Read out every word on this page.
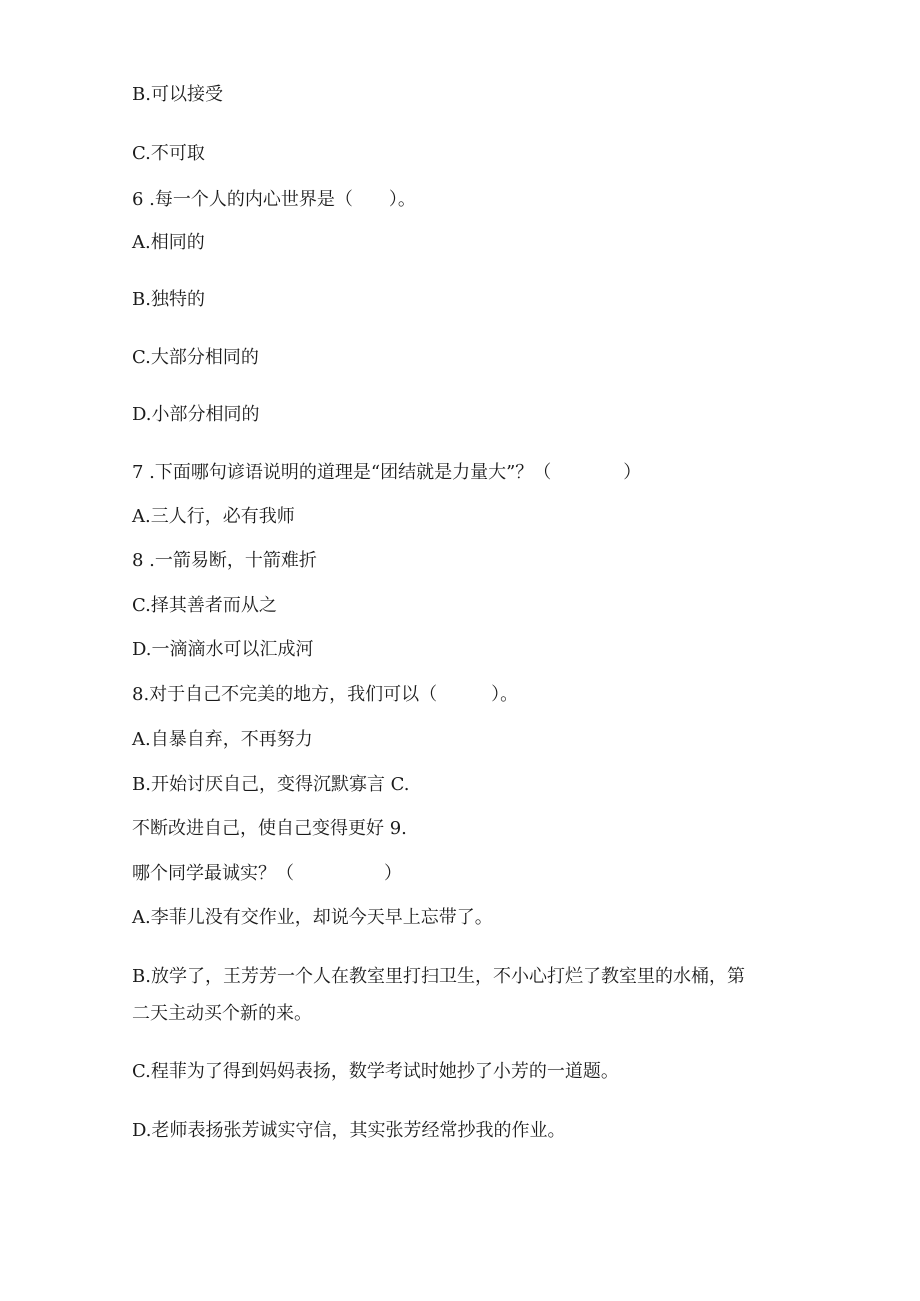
B.可以接受
C.不可取
6 .每一个人的内心世界是（　　）。
A.相同的
B.独特的
C.大部分相同的
D.小部分相同的
7 .下面哪句谚语说明的道理是“团结就是力量大”？（　　　　）
A.三人行，必有我师
8 .一箭易断，十箭难折
C.择其善者而从之
D.一滴滴水可以汇成河
8.对于自己不完美的地方，我们可以（　　　）。
A.自暴自弃，不再努力
B.开始讨厌自己，变得沉默寡言 C.
不断改进自己，使自己变得更好 9.
哪个同学最诚实？（　　　　　）
A.李菲儿没有交作业，却说今天早上忘带了。
B.放学了，王芳芳一个人在教室里打扫卫生，不小心打烂了教室里的水桶，第
二天主动买个新的来。
C.程菲为了得到妈妈表扬，数学考试时她抄了小芳的一道题。
D.老师表扬张芳诚实守信，其实张芳经常抄我的作业。
